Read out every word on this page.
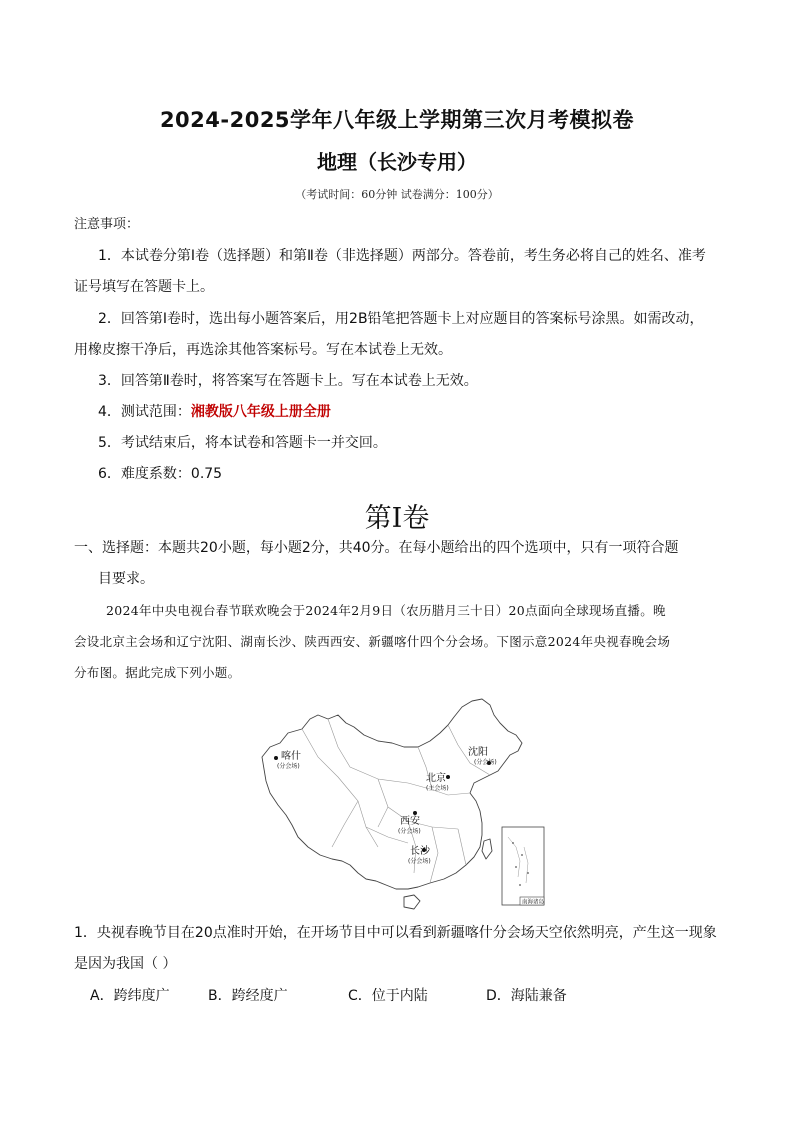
2024-2025学年八年级上学期第三次月考模拟卷
地理（长沙专用）
（考试时间：60分钟 试卷满分：100分）
注意事项：
1．本试卷分第Ⅰ卷（选择题）和第Ⅱ卷（非选择题）两部分。答卷前，考生务必将自己的姓名、准考
证号填写在答题卡上。
2．回答第Ⅰ卷时，选出每小题答案后，用2B铅笔把答题卡上对应题目的答案标号涂黑。如需改动，
用橡皮擦干净后，再选涂其他答案标号。写在本试卷上无效。
3．回答第Ⅱ卷时，将答案写在答题卡上。写在本试卷上无效。
4．测试范围：湘教版八年级上册全册
5．考试结束后，将本试卷和答题卡一并交回。
6．难度系数：0.75
第Ⅰ卷
一、选择题：本题共20小题，每小题2分，共40分。在每小题给出的四个选项中，只有一项符合题
目要求。
2024年中央电视台春节联欢晚会于2024年2月9日（农历腊月三十日）20点面向全球现场直播。晚
会设北京主会场和辽宁沈阳、湖南长沙、陕西西安、新疆喀什四个分会场。下图示意2024年央视春晚会场
分布图。据此完成下列小题。
南海诸岛
喀什
(分会场)
沈阳
(分会场)
北京
(主会场)
西安
(分会场)
长沙
(分会场)
1．央视春晚节目在20点准时开始，在开场节目中可以看到新疆喀什分会场天空依然明亮，产生这一现象
是因为我国（ ）
A．跨纬度广	B．跨经度广	C．位于内陆	D．海陆兼备
